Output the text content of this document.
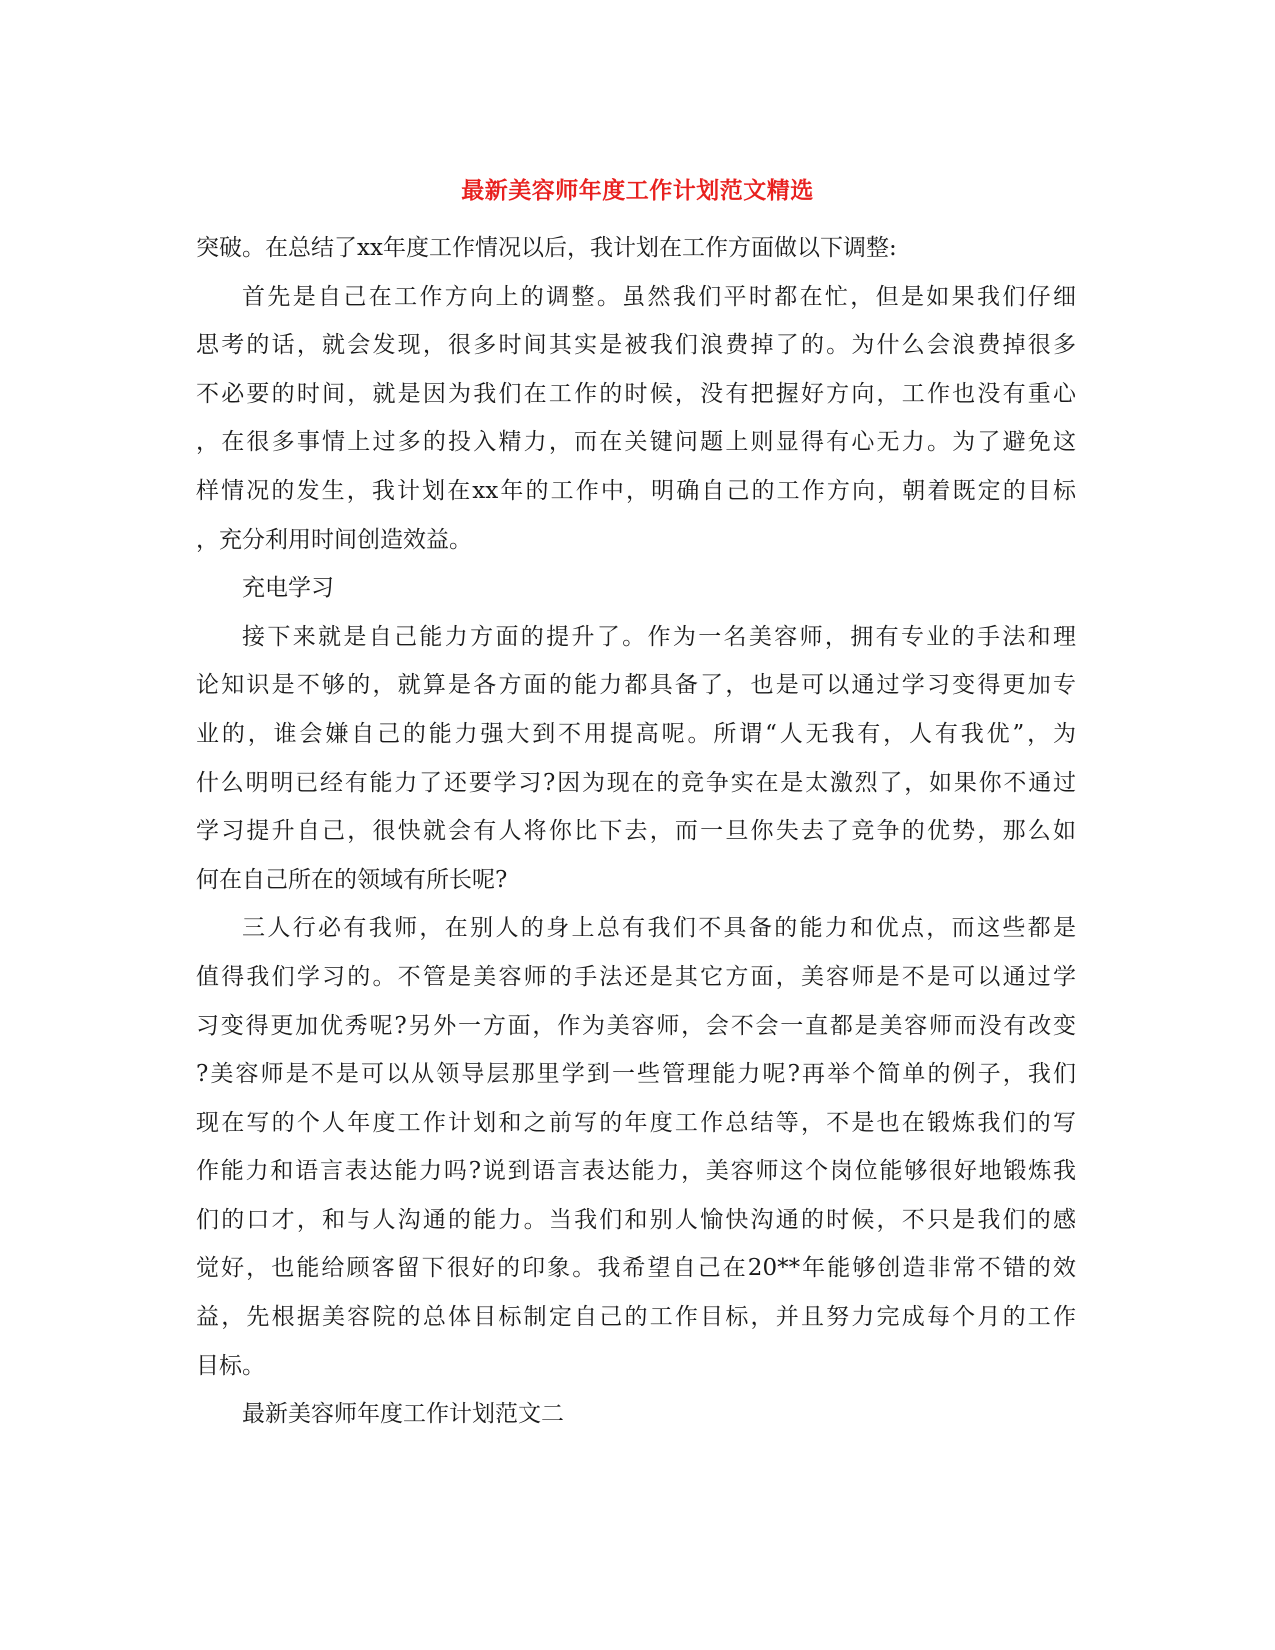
最新美容师年度工作计划范文精选
突破。在总结了xx年度工作情况以后，我计划在工作方面做以下调整:
首先是自己在工作方向上的调整。虽然我们平时都在忙，但是如果我们仔细
思考的话，就会发现，很多时间其实是被我们浪费掉了的。为什么会浪费掉很多
不必要的时间，就是因为我们在工作的时候，没有把握好方向，工作也没有重心
，在很多事情上过多的投入精力，而在关键问题上则显得有心无力。为了避免这
样情况的发生，我计划在xx年的工作中，明确自己的工作方向，朝着既定的目标
，充分利用时间创造效益。
充电学习
接下来就是自己能力方面的提升了。作为一名美容师，拥有专业的手法和理
论知识是不够的，就算是各方面的能力都具备了，也是可以通过学习变得更加专
业的，谁会嫌自己的能力强大到不用提高呢。所谓“人无我有，人有我优”，为
什么明明已经有能力了还要学习?因为现在的竞争实在是太激烈了，如果你不通过
学习提升自己，很快就会有人将你比下去，而一旦你失去了竞争的优势，那么如
何在自己所在的领域有所长呢?
三人行必有我师，在别人的身上总有我们不具备的能力和优点，而这些都是
值得我们学习的。不管是美容师的手法还是其它方面，美容师是不是可以通过学
习变得更加优秀呢?另外一方面，作为美容师，会不会一直都是美容师而没有改变
?美容师是不是可以从领导层那里学到一些管理能力呢?再举个简单的例子，我们
现在写的个人年度工作计划和之前写的年度工作总结等，不是也在锻炼我们的写
作能力和语言表达能力吗?说到语言表达能力，美容师这个岗位能够很好地锻炼我
们的口才，和与人沟通的能力。当我们和别人愉快沟通的时候，不只是我们的感
觉好，也能给顾客留下很好的印象。我希望自己在20**年能够创造非常不错的效
益，先根据美容院的总体目标制定自己的工作目标，并且努力完成每个月的工作
目标。
最新美容师年度工作计划范文二
